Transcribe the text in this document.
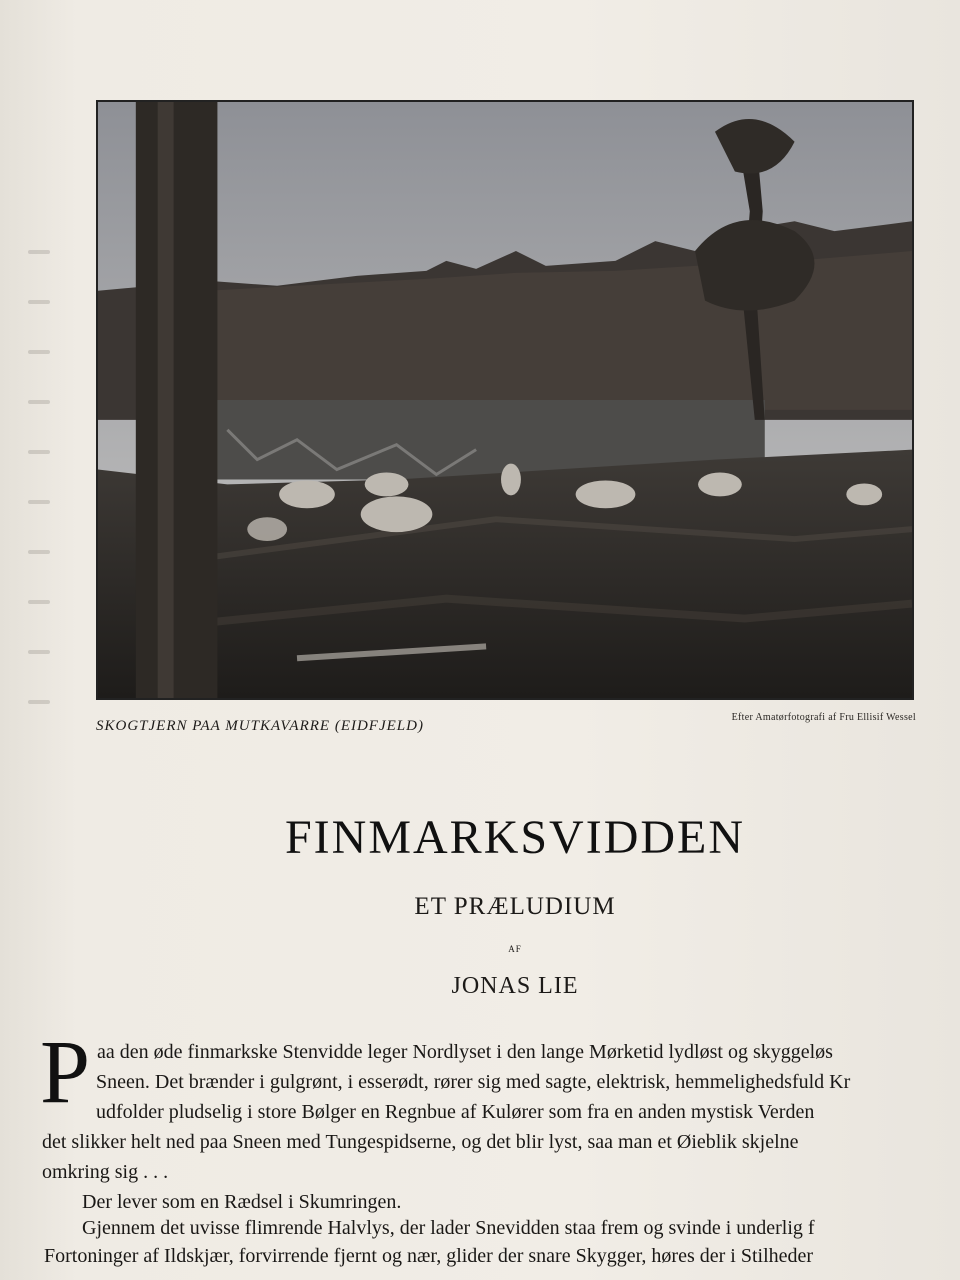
SKOGTJERN PAA MUTKAVARRE (EIDFJELD)
Efter Amatørfotografi af Fru Ellisif Wessel
FINMARKSVIDDEN
ET PRÆLUDIUM
AF
JONAS LIE
P aa den øde finmarkske Stenvidde leger Nordlyset i den lange Mørketid lydløst og skyggeløs
Sneen. Det brænder i gulgrønt, i esserødt, rører sig med sagte, elektrisk, hemmelighedsfuld Kr
udfolder pludselig i store Bølger en Regnbue af Kulører som fra en anden mystisk Verden
det slikker helt ned paa Sneen med Tungespidserne, og det blir lyst, saa man et Øieblik skjelne
omkring sig . . .
Der lever som en Rædsel i Skumringen.
Gjennem det uvisse flimrende Halvlys, der lader Snevidden staa frem og svinde i underlig f
Fortoninger af Ildskjær, forvirrende fjernt og nær, glider der snare Skygger, høres der i Stilheder
